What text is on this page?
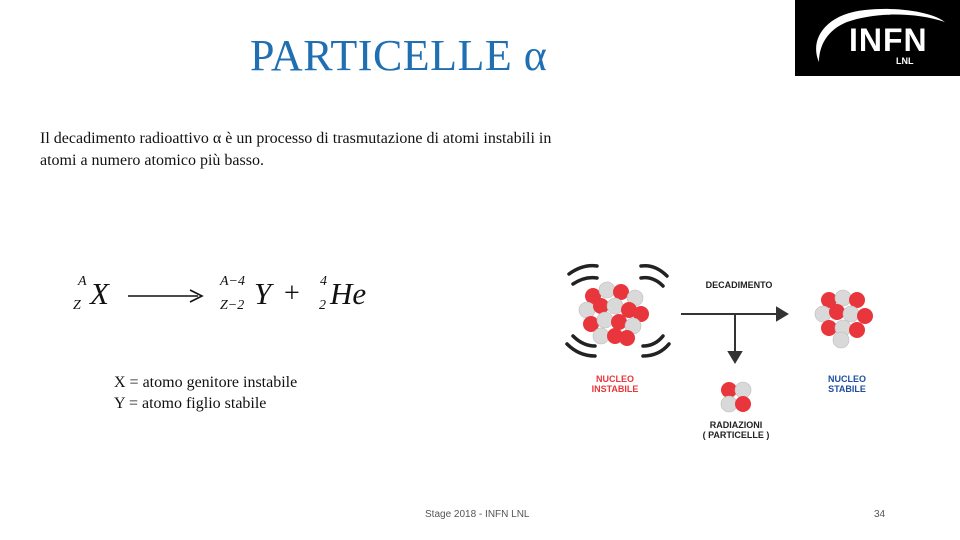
PARTICELLE α	INFN
LNL
Il decadimento radioattivo α è un processo di trasmutazione di atomi instabili in
atomi a numero atomico più basso.
A
Z X	A−4
Z−2 Y + 4
2 He
X = atomo genitore instabile
Y = atomo figlio stabile
DECADIMENTO
NUCLEO
INSTABILE
NUCLEO
STABILE
RADIAZIONI
( PARTICELLE )
Stage 2018 - INFN LNL	34
